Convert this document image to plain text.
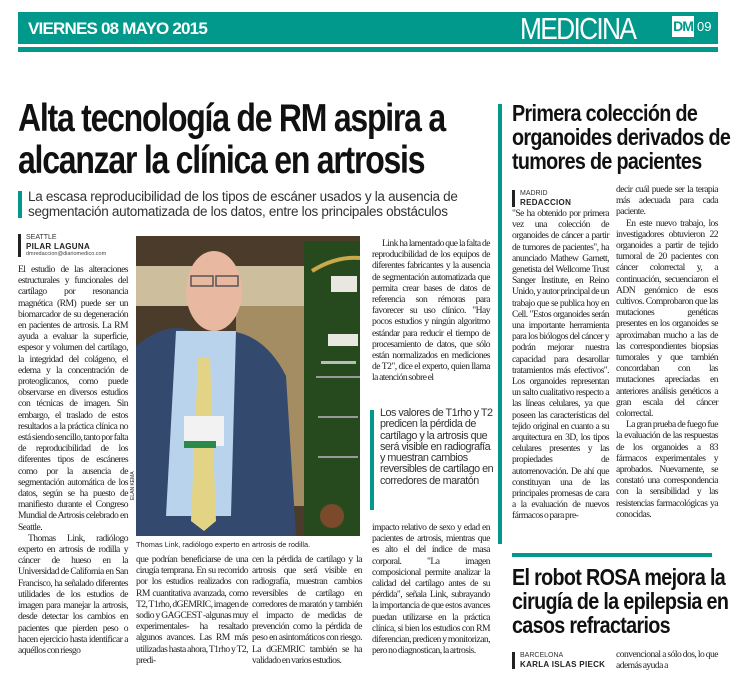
VIERNES 08 MAYO 2015	MEDICINA	DM 09
Alta tecnología de RM aspira a alcanzar la clínica en artrosis
La escasa reproducibilidad de los tipos de escáner usados y la ausencia de segmentación automatizada de los datos, entre los principales obstáculos
SEATTLE
PILAR LAGUNA
dmredaccion@diariomedico.com

El estudio de las alteraciones estructurales y funcionales del cartílago por resonancia magnética (RM) puede ser un biomarcador de su degeneración en pacientes de artrosis. La RM ayuda a evaluar la superficie, espesor y volumen del cartílago, la integridad del colágeno, el edema y la concentración de proteoglicanos, como puede observarse en diversos estudios con técnicas de imagen. Sin embargo, el traslado de estos resultados a la práctica clínica no está siendo sencillo, tanto por falta de reproducibilidad de los diferentes tipos de escáneres como por la ausencia de segmentación automática de los datos, según se ha puesto de manifiesto durante el Congreso Mundial de Artrosis celebrado en Seattle.

Thomas Link, radiólogo experto en artrosis de rodilla y cáncer de hueso en la Universidad de California en San Francisco, ha señalado diferentes utilidades de los estudios de imagen para manejar la artrosis, desde detectar los cambios en pacientes que pierden peso o hacen ejercicio hasta identificar a aquéllos con riesgo

ELAN KEMA
Thomas Link, radiólogo experto en artrosis de rodilla.

que podrían beneficiarse de una cirugía temprana. En su recorrido por los estudios realizados con RM cuantitativa avanzada, como T2, T1rho, dGEMRIC, imagen de sodio y GAGCEST -algunas muy experimentales- ha resaltado algunos avances. Las RM más utilizadas hasta ahora, T1rho y T2, predi-

cen la pérdida de cartílago y la artrosis que será visible en radiografía, muestran cambios reversibles de cartílago en corredores de maratón y también el impacto de medidas de prevención como la pérdida de peso en asintomáticos con riesgo. La dGEMRIC también se ha validado en varios estudios.

Link ha lamentado que la falta de reproducibilidad de los equipos de diferentes fabricantes y la ausencia de segmentación automatizada que permita crear bases de datos de referencia son rémoras para favorecer su uso clínico. "Hay pocos estudios y ningún algoritmo estándar para reducir el tiempo de procesamiento de datos, que sólo están normalizados en mediciones de T2", dice el experto, quien llama la atención sobre el

Los valores de T1rho y T2 predicen la pérdida de cartílago y la artrosis que será visible en radiografía y muestran cambios reversibles de cartílago en corredores de maratón

impacto relativo de sexo y edad en pacientes de artrosis, mientras que es alto el del índice de masa corporal. "La imagen composicional permite analizar la calidad del cartílago antes de su pérdida", señala Link, subrayando la importancia de que estos avances puedan utilizarse en la práctica clínica, si bien los estudios con RM diferencian, predicen y monitorizan, pero no diagnostican, la artrosis.

Primera colección de organoides derivados de tumores de pacientes
MADRID
REDACCION

"Se ha obtenido por primera vez una colección de organoides de cáncer a partir de tumores de pacientes", ha anunciado Mathew Garnett, genetista del Wellcome Trust Sanger Institute, en Reino Unido, y autor principal de un trabajo que se publica hoy en Cell. "Estos organoides serán una importante herramienta para los biólogos del cáncer y podrán mejorar nuestra capacidad para desarollar tratamientos más efectivos". Los organoides representan un salto cualitativo respecto a las líneas celulares, ya que poseen las características del tejido original en cuanto a su arquitectura en 3D, los tipos celulares presentes y las propiedades de autorrenovación. De ahí que constituyan una de las principales promesas de cara a la evaluación de nuevos fármacos o para pre-

decir cuál puede ser la terapia más adecuada para cada paciente.

En este nuevo trabajo, los investigadores obtuvieron 22 organoides a partir de tejido tumoral de 20 pacientes con cáncer colorrectal y, a continuación, secuenciaron el ADN genómico de esos cultivos. Comprobaron que las mutaciones genéticas presentes en los organoides se aproximaban mucho a las de las correspondientes biopsias tumorales y que también concordaban con las mutaciones apreciadas en anteriores análisis genéticos a gran escala del cáncer colorrectal.

La gran prueba de fuego fue la evaluación de las respuestas de los organoides a 83 fármacos experimentales y aprobados. Nuevamente, se constató una correspondencia con la sensibilidad y las resistencias farmacológicas ya conocidas.

El robot ROSA mejora la cirugía de la epilepsia en casos refractarios
BARCELONA
KARLA ISLAS PIECK

convencional a sólo dos, lo que además ayuda a
